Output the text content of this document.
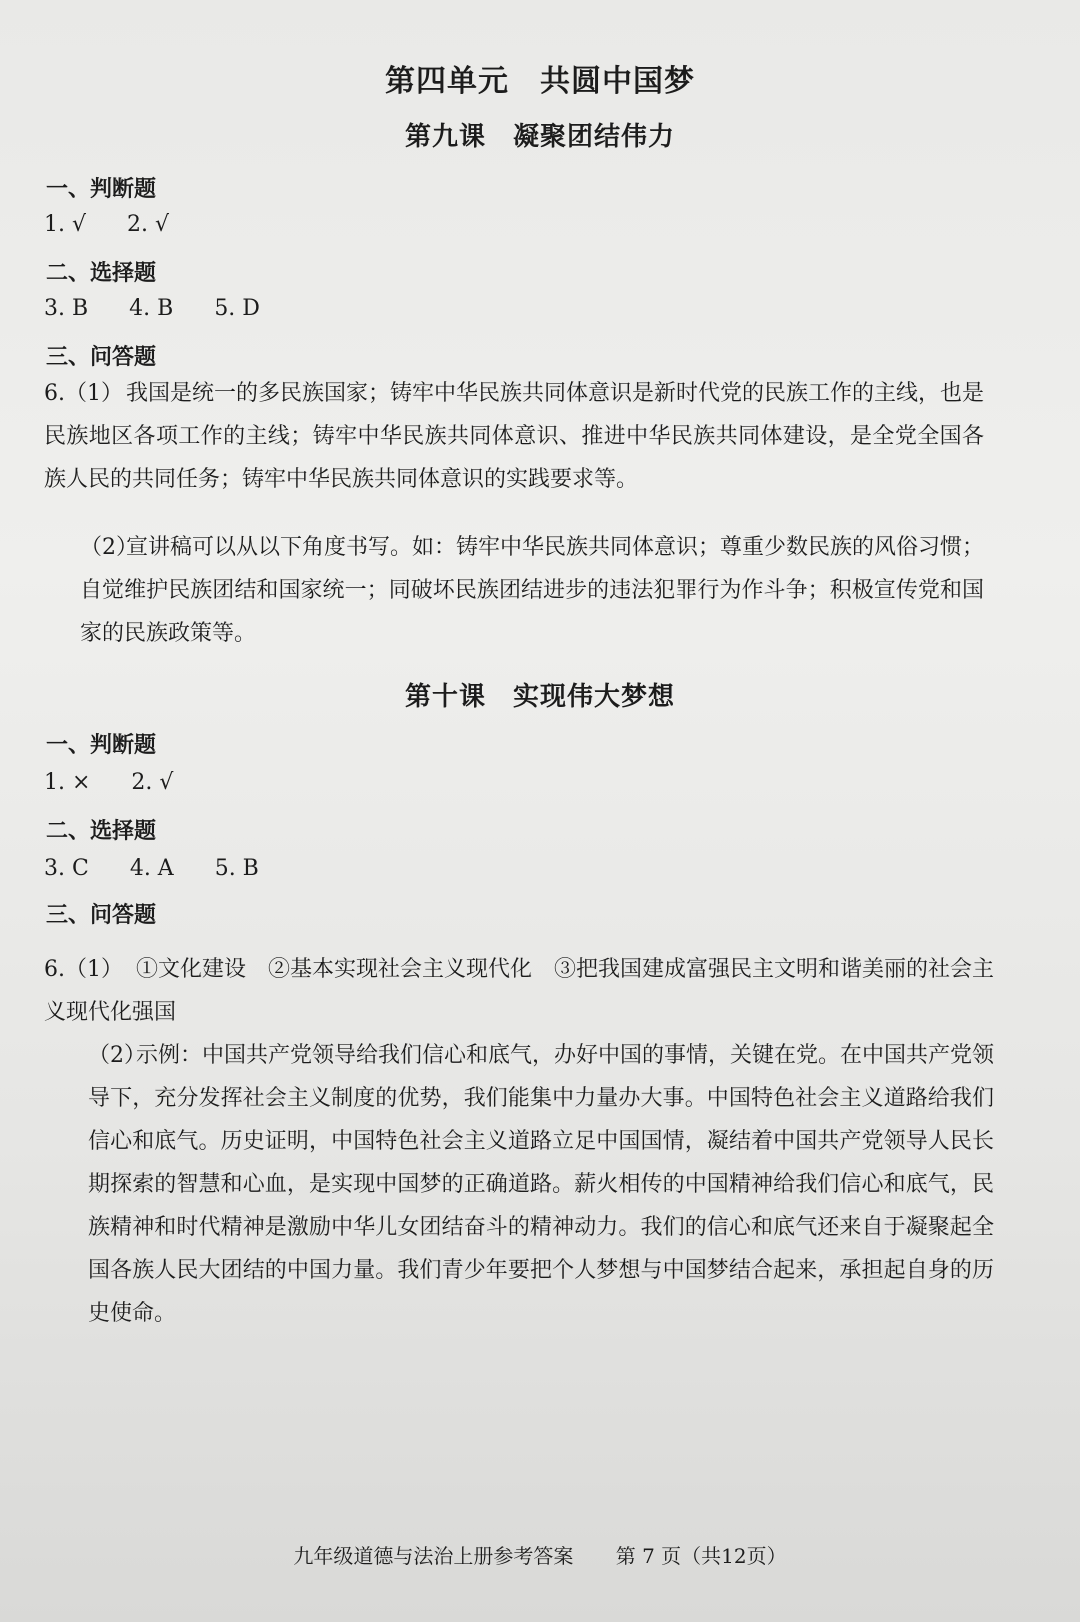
第四单元　共圆中国梦
第九课　凝聚团结伟力
一、判断题
1. √ 2. √
二、选择题
3. B 4. B 5. D
三、问答题
6.（1） 我国是统一的多民族国家；铸牢中华民族共同体意识是新时代党的民族工作的主线，也是民族地区各项工作的主线；铸牢中华民族共同体意识、推进中华民族共同体建设，是全党全国各族人民的共同任务；铸牢中华民族共同体意识的实践要求等。
（2）
宣讲稿可以从以下角度书写。如：铸牢中华民族共同体意识；尊重少数民族的风俗习惯；自觉维护民族团结和国家统一；同破坏民族团结进步的违法犯罪行为作斗争；积极宣传党和国家的民族政策等。
第十课　实现伟大梦想
一、判断题
1. × 2. √
二、选择题
3. C 4. A 5. B
三、问答题
6.（1） ①文化建设　②基本实现社会主义现代化　③把我国建成富强民主文明和谐美丽的社会主义现代化强国
（2）
示例：中国共产党领导给我们信心和底气，办好中国的事情，关键在党。在中国共产党领导下，充分发挥社会主义制度的优势，我们能集中力量办大事。中国特色社会主义道路给我们信心和底气。历史证明，中国特色社会主义道路立足中国国情，凝结着中国共产党领导人民长期探索的智慧和心血，是实现中国梦的正确道路。薪火相传的中国精神给我们信心和底气，民族精神和时代精神是激励中华儿女团结奋斗的精神动力。我们的信心和底气还来自于凝聚起全国各族人民大团结的中国力量。我们青少年要把个人梦想与中国梦结合起来，承担起自身的历史使命。
九年级道德与法治上册参考答案 第 7 页（共12页）
